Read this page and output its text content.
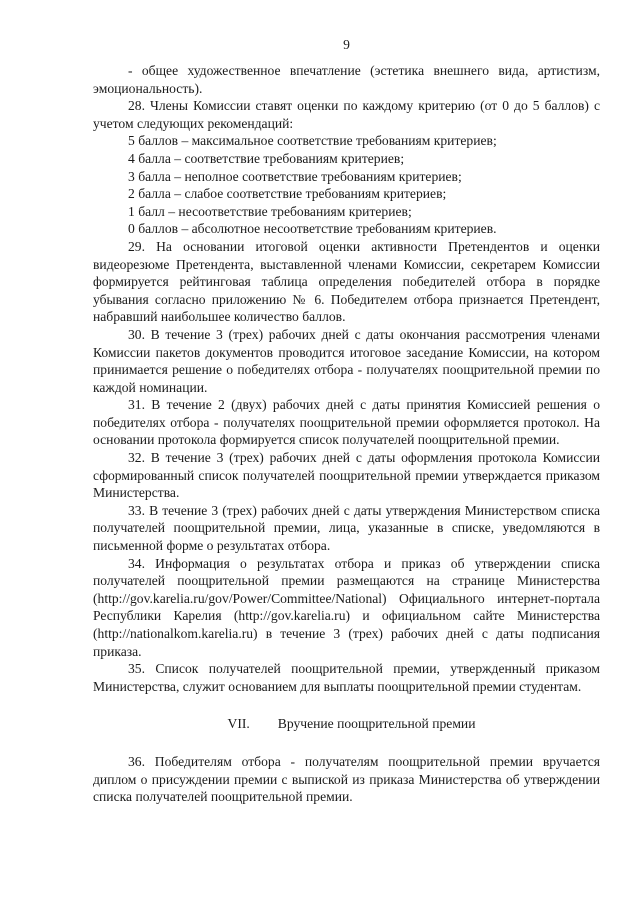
9

- общее художественное впечатление (эстетика внешнего вида, артистизм, эмоциональность).

28. Члены Комиссии ставят оценки по каждому критерию (от 0 до 5 баллов) с учетом следующих рекомендаций:

5 баллов – максимальное соответствие требованиям критериев;

4 балла – соответствие требованиям критериев;

3 балла – неполное соответствие требованиям критериев;

2 балла – слабое соответствие требованиям критериев;

1 балл – несоответствие требованиям критериев;

0 баллов – абсолютное несоответствие требованиям критериев.

29. На основании итоговой оценки активности Претендентов и оценки видеорезюме Претендента, выставленной членами Комиссии, секретарем Комиссии формируется рейтинговая таблица определения победителей отбора в порядке убывания согласно приложению № 6. Победителем отбора признается Претендент, набравший наибольшее количество баллов.

30. В течение 3 (трех) рабочих дней с даты окончания рассмотрения членами Комиссии пакетов документов проводится итоговое заседание Комиссии, на котором принимается решение о победителях отбора - получателях поощрительной премии по каждой номинации.

31. В течение 2 (двух) рабочих дней с даты принятия Комиссией решения о победителях отбора - получателях поощрительной премии оформляется протокол. На основании протокола формируется список получателей поощрительной премии.

32. В течение 3 (трех) рабочих дней с даты оформления протокола Комиссии сформированный список получателей поощрительной премии утверждается приказом Министерства.

33. В течение 3 (трех) рабочих дней с даты утверждения Министерством списка получателей поощрительной премии, лица, указанные в списке, уведомляются в письменной форме о результатах отбора.

34. Информация о результатах отбора и приказ об утверждении списка получателей поощрительной премии размещаются на странице Министерства (http://gov.karelia.ru/gov/Power/Committee/National) Официального интернет-портала Республики Карелия (http://gov.karelia.ru) и официальном сайте Министерства (http://nationalkom.karelia.ru) в течение 3 (трех) рабочих дней с даты подписания приказа.

35. Список получателей поощрительной премии, утвержденный приказом Министерства, служит основанием для выплаты поощрительной премии студентам.

VII. Вручение поощрительной премии

36. Победителям отбора - получателям поощрительной премии вручается диплом о присуждении премии с выпиской из приказа Министерства об утверждении списка получателей поощрительной премии.
